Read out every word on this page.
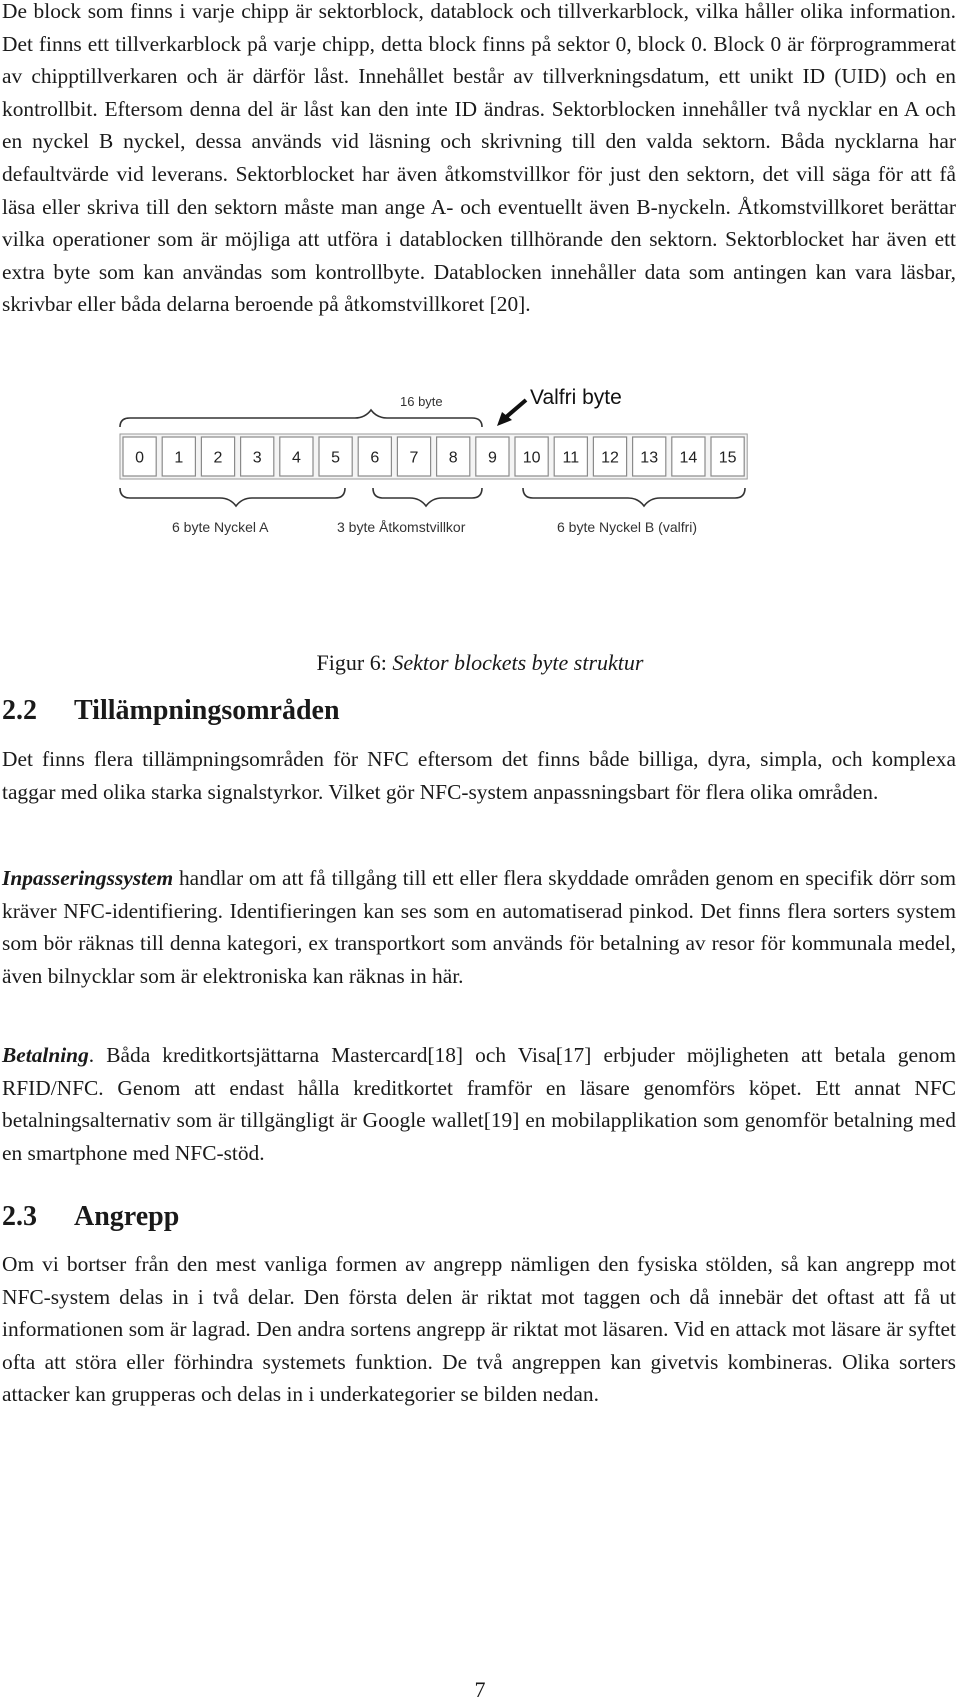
De block som finns i varje chipp är sektorblock, datablock och tillverkarblock, vilka håller olika information. Det finns ett tillverkarblock på varje chipp, detta block finns på sektor 0, block 0. Block 0 är förprogrammerat av chipptillverkaren och är därför låst. Innehållet består av tillverkningsdatum, ett unikt ID (UID) och en kontrollbit. Eftersom denna del är låst kan den inte ID ändras. Sektorblocken innehåller två nycklar en A och en nyckel B nyckel, dessa används vid läsning och skrivning till den valda sektorn. Båda nycklarna har defaultvärde vid leverans. Sektorblocket har även åtkomstvillkor för just den sektorn, det vill säga för att få läsa eller skriva till den sektorn måste man ange A- och eventuellt även B-nyckeln. Åtkomstvillkoret berättar vilka operationer som är möjliga att utföra i datablocken tillhörande den sektorn. Sektorblocket har även ett extra byte som kan användas som kontrollbyte. Datablocken innehåller data som antingen kan vara läsbar, skrivbar eller båda delarna beroende på åtkomstvillkoret [20].

16 byte	Valfri byte
0 1 2 3 4 5 6 7 8 9 10 11 12 13 14 15
6 byte Nyckel A	3 byte Åtkomstvillkor	6 byte Nyckel B (valfri)

Figur 6: Sektor blockets byte struktur

2.2 Tillämpningsområden

Det finns flera tillämpningsområden för NFC eftersom det finns både billiga, dyra, simpla, och komplexa taggar med olika starka signalstyrkor. Vilket gör NFC-system anpassningsbart för flera olika områden.

Inpasseringssystem handlar om att få tillgång till ett eller flera skyddade områden genom en specifik dörr som kräver NFC-identifiering. Identifieringen kan ses som en automatiserad pinkod. Det finns flera sorters system som bör räknas till denna kategori, ex transportkort som används för betalning av resor för kommunala medel, även bilnycklar som är elektroniska kan räknas in här.

Betalning. Båda kreditkortsjättarna Mastercard[18] och Visa[17] erbjuder möjligheten att betala genom RFID/NFC. Genom att endast hålla kreditkortet framför en läsare genomförs köpet. Ett annat NFC betalningsalternativ som är tillgängligt är Google wallet[19] en mobilapplikation som genomför betalning med en smartphone med NFC-stöd.

2.3 Angrepp

Om vi bortser från den mest vanliga formen av angrepp nämligen den fysiska stölden, så kan angrepp mot NFC-system delas in i två delar. Den första delen är riktat mot taggen och då innebär det oftast att få ut informationen som är lagrad. Den andra sortens angrepp är riktat mot läsaren. Vid en attack mot läsare är syftet ofta att störa eller förhindra systemets funktion. De två angreppen kan givetvis kombineras. Olika sorters attacker kan grupperas och delas in i underkategorier se bilden nedan.

7
